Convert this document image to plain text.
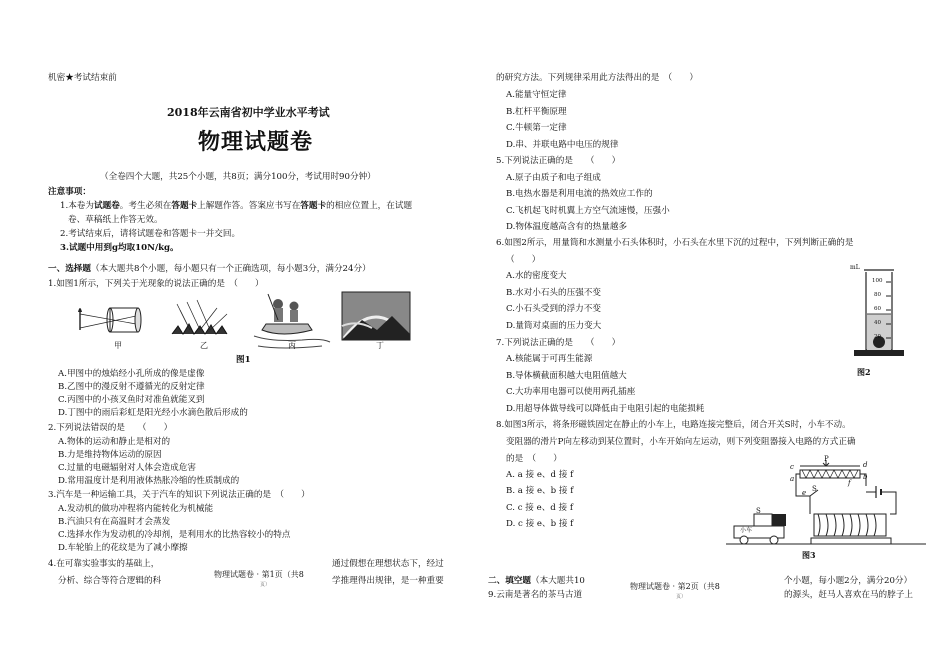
机密★考试结束前
2018年云南省初中学业水平考试
物理试题卷
（全卷四个大题，共25个小题，共8页；满分100分，考试用时90分钟）
注意事项：
1.本卷为试题卷。考生必须在答题卡上解题作答。答案应书写在答题卡的相应位置上，在试题
卷、草稿纸上作答无效。
2.考试结束后，请将试题卷和答题卡一并交回。
3.试题中用到g均取10N/kg。
一、选择题（本大题共8个小题，每小题只有一个正确选项，每小题3分，满分24分）
1.如图1所示，下列关于光现象的说法正确的是　（　　）
甲	乙	丙	丁
图1
A.甲图中的烛焰经小孔所成的像是虚像
B.乙图中的漫反射不遵循光的反射定律
C.丙图中的小孩叉鱼时对准鱼就能叉到
D.丁图中的雨后彩虹是阳光经小水滴色散后形成的
2.下列说法错误的是　　（　　）
A.物体的运动和静止是相对的
B.力是维持物体运动的原因
C.过量的电磁辐射对人体会造成危害
D.常用温度计是利用液体热胀冷缩的性质制成的
3.汽车是一种运输工具，关于汽车的知识下列说法正确的是　（　　）
A.发动机的做功冲程将内能转化为机械能
B.汽油只有在高温时才会蒸发
C.选择水作为发动机的冷却剂，是利用水的比热容较小的特点
D.车轮胎上的花纹是为了减小摩擦
4.在可靠实验事实的基础上，	通过假想在理想状态下，经过
分析、综合等符合逻辑的科	学推理得出规律，是一种重要
物理试题卷 · 第1页（共8
页）
的研究方法。下列规律采用此方法得出的是　（　　）
A.能量守恒定律
B.杠杆平衡原理
C.牛顿第一定律
D.串、并联电路中电压的规律
5.下列说法正确的是　　（　　）
A.原子由质子和电子组成
B.电热水器是利用电流的热效应工作的
C.飞机起飞时机翼上方空气流速慢，压强小
D.物体温度越高含有的热量越多
6.如图2所示，用量筒和水测量小石头体积时，小石头在水里下沉的过程中，下列判断正确的是
（　　）
A.水的密度变大
B.水对小石头的压强不变
C.小石头受到的浮力不变
D.量筒对桌面的压力变大
mL
100
80
60
40
20
图2
7.下列说法正确的是　　（　　）
A.核能属于可再生能源
B.导体横截面积越大电阻值越大
C.大功率用电器可以使用两孔插座
D.用超导体做导线可以降低由于电阻引起的电能损耗
8.如图3所示，将条形磁铁固定在静止的小车上，电路连接完整后，闭合开关S时，小车不动。
变阻器的滑片P向左移动到某位置时，小车开始向左运动，则下列变阻器接入电路的方式正确
的是　（　　）
A. a 接 e、d 接 f
B. a 接 e、b 接 f
C. c 接 e、d 接 f
D. c 接 e、b 接 f
P
c	d
a	b
e
f
S N
S
小车
图3
二、填空题（本大题共10
9.云南是著名的茶马古道
物理试题卷 · 第2页（共8
页）
个小题，每小题2分，满分20分）
的源头，赶马人喜欢在马的脖子上
